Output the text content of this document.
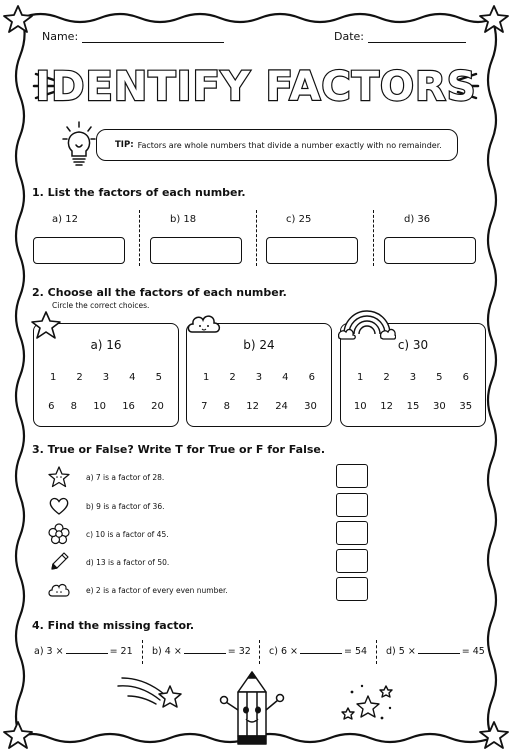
Name:	Date:
IDENTIFY FACTORS
TIP: Factors are whole numbers that divide a number exactly with no remainder.
1. List the factors of each number.
a) 12	b) 18	c) 25	d) 36
2. Choose all the factors of each number.
Circle the correct choices.
a) 16
1 2 3 4 5
6 8 10 16 20
b) 24
1 2 3 4 6
7 8 12 24 30
c) 30
1 2 3 5 6
10 12 15 30 35
3. True or False? Write T for True or F for False.
a) 7 is a factor of 28.
b) 9 is a factor of 36.
c) 10 is a factor of 45.
d) 13 is a factor of 50.
e) 2 is a factor of every even number.
4. Find the missing factor.
a) 3 ×	= 21 b) 4 ×	= 32 c) 6 ×	= 54 d) 5 ×	= 45
